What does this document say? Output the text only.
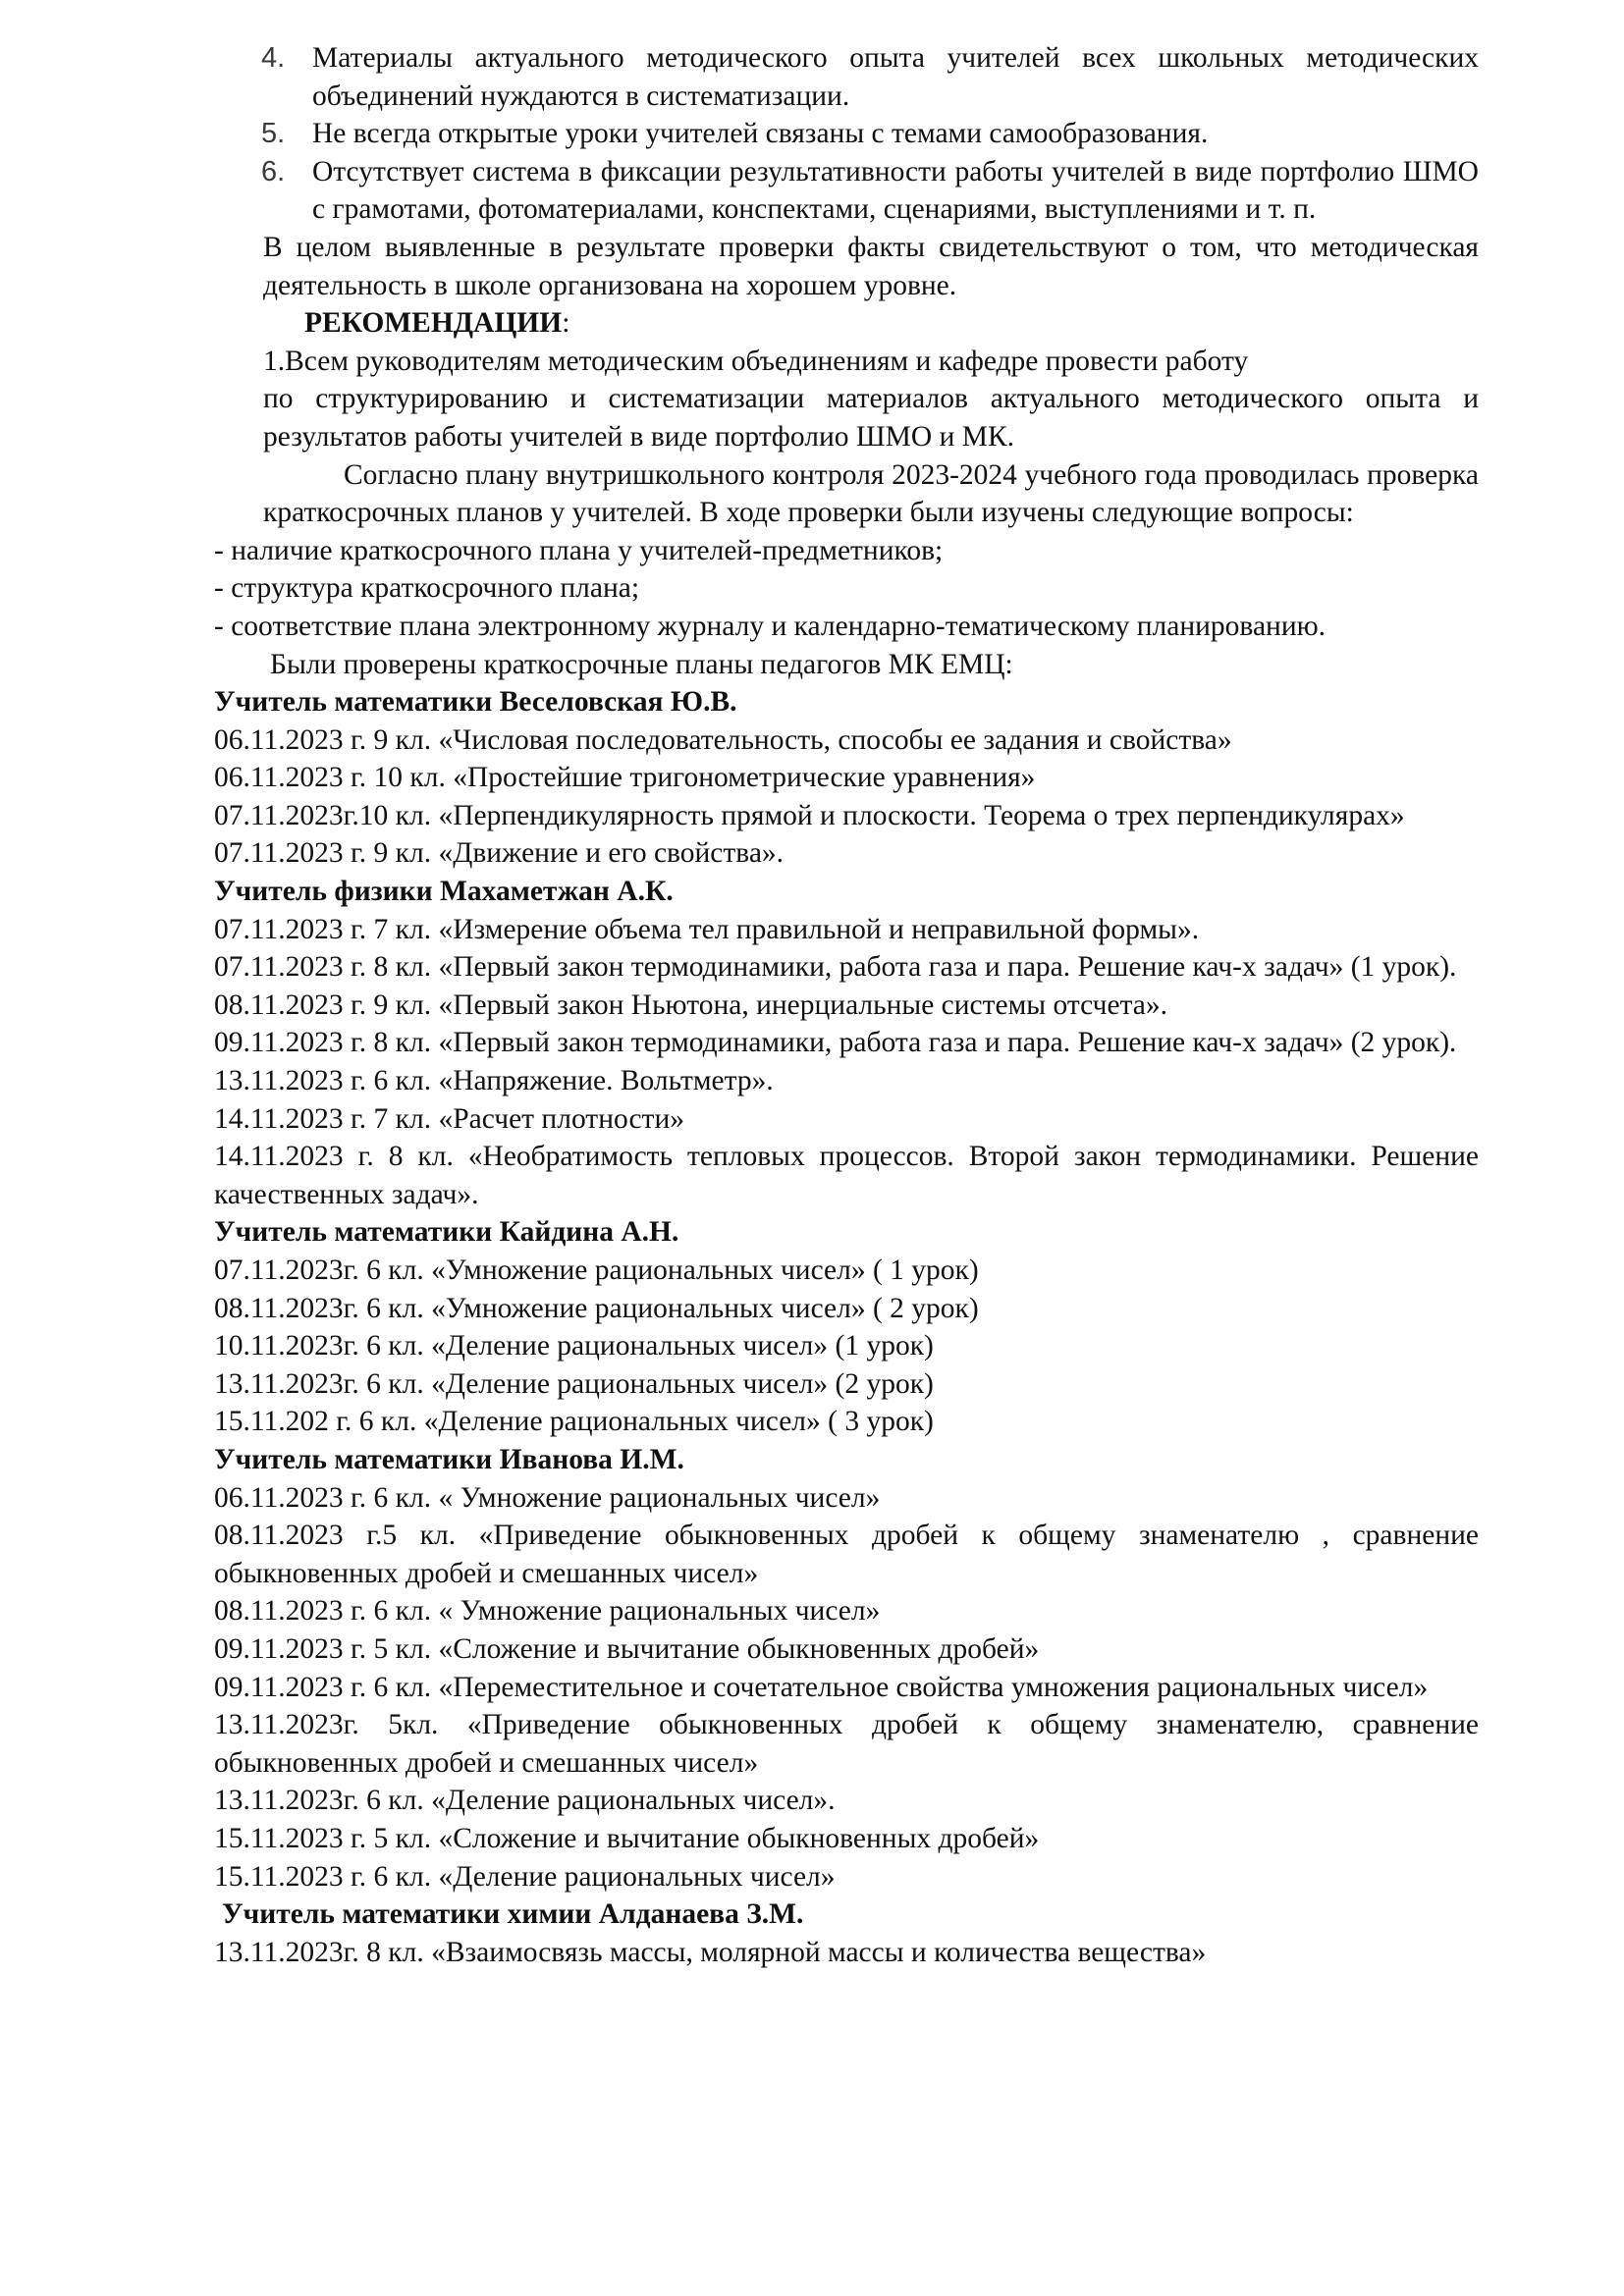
4. Материалы актуального методического опыта учителей всех школьных методических объединений нуждаются в систематизации.
5. Не всегда открытые уроки учителей связаны с темами самообразования.
6. Отсутствует система в фиксации результативности работы учителей в виде портфолио ШМО с грамотами, фотоматериалами, конспектами, сценариями, выступлениями и т. п.
В целом выявленные в результате проверки факты свидетельствуют о том, что методическая деятельность в школе организована на хорошем уровне.
РЕКОМЕНДАЦИИ:
1.Всем руководителям методическим объединениям и кафедре провести работу
по структурированию и систематизации материалов актуального методического опыта и результатов работы учителей в виде портфолио ШМО и МК.
Согласно плану внутришкольного контроля 2023-2024 учебного года проводилась проверка краткосрочных планов у учителей. В ходе проверки были изучены следующие вопросы:
- наличие краткосрочного плана у учителей-предметников;
- структура краткосрочного плана;
- соответствие плана электронному журналу и календарно-тематическому планированию.
Были проверены краткосрочные планы педагогов МК ЕМЦ:
Учитель математики Веселовская Ю.В.
06.11.2023 г. 9 кл. «Числовая последовательность, способы ее задания и свойства»
06.11.2023 г. 10 кл. «Простейшие тригонометрические уравнения»
07.11.2023г.10 кл. «Перпендикулярность прямой и плоскости. Теорема о трех перпендикулярах»
07.11.2023 г. 9 кл. «Движение и его свойства».
Учитель физики Махаметжан А.К.
07.11.2023 г. 7 кл. «Измерение объема тел правильной и неправильной формы».
07.11.2023 г. 8 кл. «Первый закон термодинамики, работа газа и пара. Решение кач-х задач» (1 урок).
08.11.2023 г. 9 кл. «Первый закон Ньютона, инерциальные системы отсчета».
09.11.2023 г. 8 кл. «Первый закон термодинамики, работа газа и пара. Решение кач-х задач» (2 урок).
13.11.2023 г. 6 кл. «Напряжение. Вольтметр».
14.11.2023 г. 7 кл. «Расчет плотности»
14.11.2023 г. 8 кл. «Необратимость тепловых процессов. Второй закон термодинамики. Решение качественных задач».
Учитель математики Кайдина А.Н.
07.11.2023г. 6 кл. «Умножение рациональных чисел» ( 1 урок)
08.11.2023г. 6 кл. «Умножение рациональных чисел» ( 2 урок)
10.11.2023г. 6 кл. «Деление рациональных чисел» (1 урок)
13.11.2023г. 6 кл. «Деление рациональных чисел» (2 урок)
15.11.202 г. 6 кл. «Деление рациональных чисел» ( 3 урок)
Учитель математики Иванова И.М.
06.11.2023 г. 6 кл. « Умножение рациональных чисел»
08.11.2023 г.5 кл. «Приведение обыкновенных дробей к общему знаменателю , сравнение обыкновенных дробей и смешанных чисел»
08.11.2023 г. 6 кл. « Умножение рациональных чисел»
09.11.2023 г. 5 кл. «Сложение и вычитание обыкновенных дробей»
09.11.2023 г. 6 кл. «Переместительное и сочетательное свойства умножения рациональных чисел»
13.11.2023г. 5кл. «Приведение обыкновенных дробей к общему знаменателю, сравнение обыкновенных дробей и смешанных чисел»
13.11.2023г. 6 кл. «Деление рациональных чисел».
15.11.2023 г. 5 кл. «Сложение и вычитание обыкновенных дробей»
15.11.2023 г. 6 кл. «Деление рациональных чисел»
Учитель математики химии Алданаева З.М.
13.11.2023г. 8 кл. «Взаимосвязь массы, молярной массы и количества вещества»
